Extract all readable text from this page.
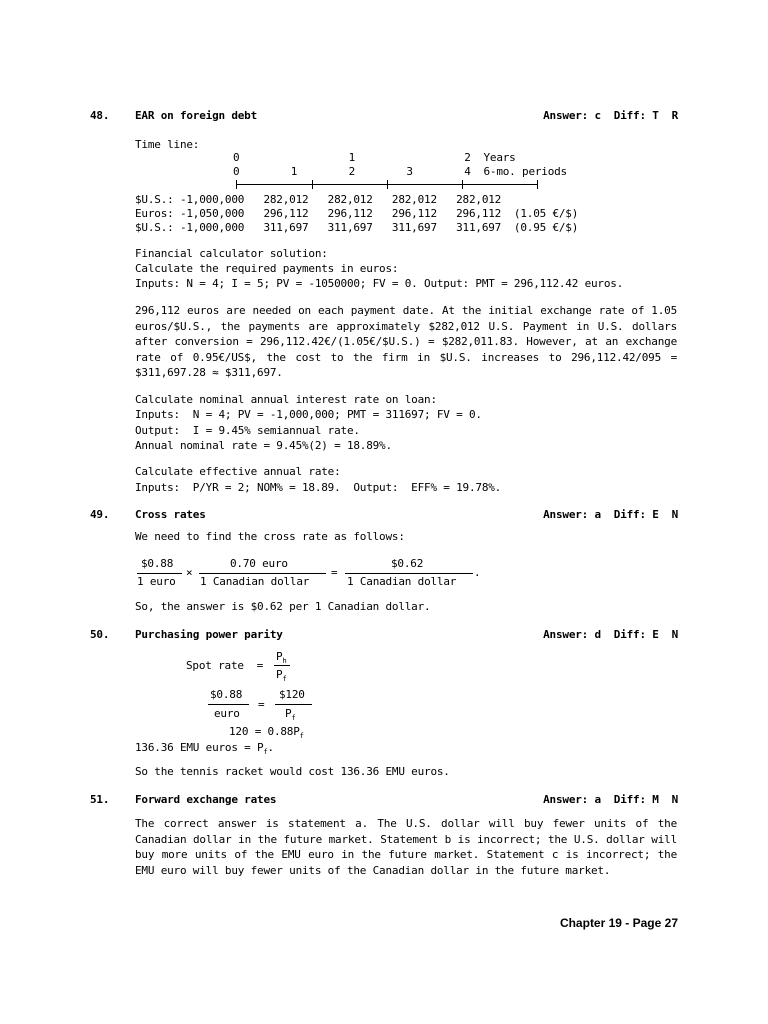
48. EAR on foreign debt	Answer: c  Diff: T  R
Time line:
0                 1                 2  Years
0        1        2        3        4  6-mo. periods
$U.S.: -1,000,000   282,012   282,012   282,012   282,012
Euros: -1,050,000   296,112   296,112   296,112   296,112  (1.05 €/$)
$U.S.: -1,000,000   311,697   311,697   311,697   311,697  (0.95 €/$)
Financial calculator solution:
Calculate the required payments in euros:
Inputs: N = 4; I = 5; PV = -1050000; FV = 0. Output: PMT = 296,112.42 euros.
296,112 euros are needed on each payment date. At the initial exchange rate of 1.05 euros/$U.S., the payments are approximately $282,012 U.S. Payment in U.S. dollars after conversion = 296,112.42€/(1.05€/$U.S.) = $282,011.83. However, at an exchange rate of 0.95€/US$, the cost to the firm in $U.S. increases to 296,112.42/095 = $311,697.28 ≈ $311,697.
Calculate nominal annual interest rate on loan:
Inputs:  N = 4; PV = -1,000,000; PMT = 311697; FV = 0.
Output:  I = 9.45% semiannual rate.
Annual nominal rate = 9.45%(2) = 18.89%.
Calculate effective annual rate:
Inputs:  P/YR = 2; NOM% = 18.89.  Output:  EFF% = 19.78%.
49. Cross rates	Answer: a  Diff: E  N
We need to find the cross rate as follows:
$0.88
1 euro
×
0.70 euro
1 Canadian dollar
=
$0.62
1 Canadian dollar
.
So, the answer is $0.62 per 1 Canadian dollar.
50. Purchasing power parity	Answer: d  Diff: E  N
Spot rate  =
$P_h$
$P_f$
$0.88
euro
=
$120
$P_f$
$120 = 0.88P_f$
136.36 EMU euros = $P_f$.
So the tennis racket would cost 136.36 EMU euros.
51. Forward exchange rates	Answer: a  Diff: M  N
The correct answer is statement a. The U.S. dollar will buy fewer units of the Canadian dollar in the future market. Statement b is incorrect; the U.S. dollar will buy more units of the EMU euro in the future market. Statement c is incorrect; the EMU euro will buy fewer units of the Canadian dollar in the future market.
Chapter 19 - Page 27
